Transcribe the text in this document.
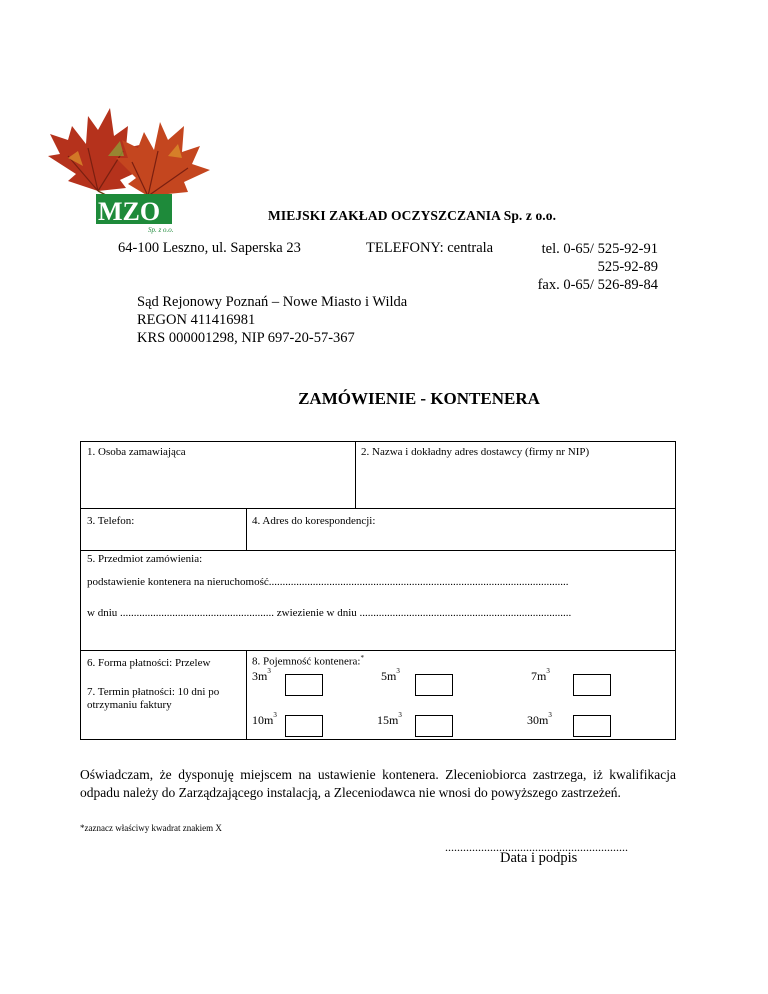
MZO
Sp. z o.o.
MIEJSKI ZAKŁAD OCZYSZCZANIA Sp. z o.o.
64-100 Leszno, ul. Saperska 23	TELEFONY: centrala	tel. 0-65/ 525-92-91
525-92-89
fax. 0-65/ 526-89-84
Sąd Rejonowy Poznań – Nowe Miasto i Wilda
REGON 411416981
KRS 000001298, NIP 697-20-57-367
ZAMÓWIENIE - KONTENERA
1. Osoba zamawiająca	2. Nazwa i dokładny adres dostawcy (firmy nr NIP)
3. Telefon:	4. Adres do korespondencji:
5. Przedmiot zamówienia:
podstawienie kontenera na nieruchomość.............................................................................................................
w dniu ........................................................ zwiezienie w dniu .............................................................................
6. Forma płatności: Przelew
7. Termin płatności: 10 dni po otrzymaniu faktury
8. Pojemność kontenera:*
$3m^3$	$5m^3$	$7m^3$
$10m^3$	$15m^3$	$30m^3$
Oświadczam, że dysponuję miejscem na ustawienie kontenera. Zleceniobiorca zastrzega, iż kwalifikacja odpadu należy do Zarządzającego instalacją, a Zleceniodawca nie wnosi do powyższego zastrzeżeń.
*zaznacz właściwy kwadrat znakiem X
.............................................................
Data i podpis
